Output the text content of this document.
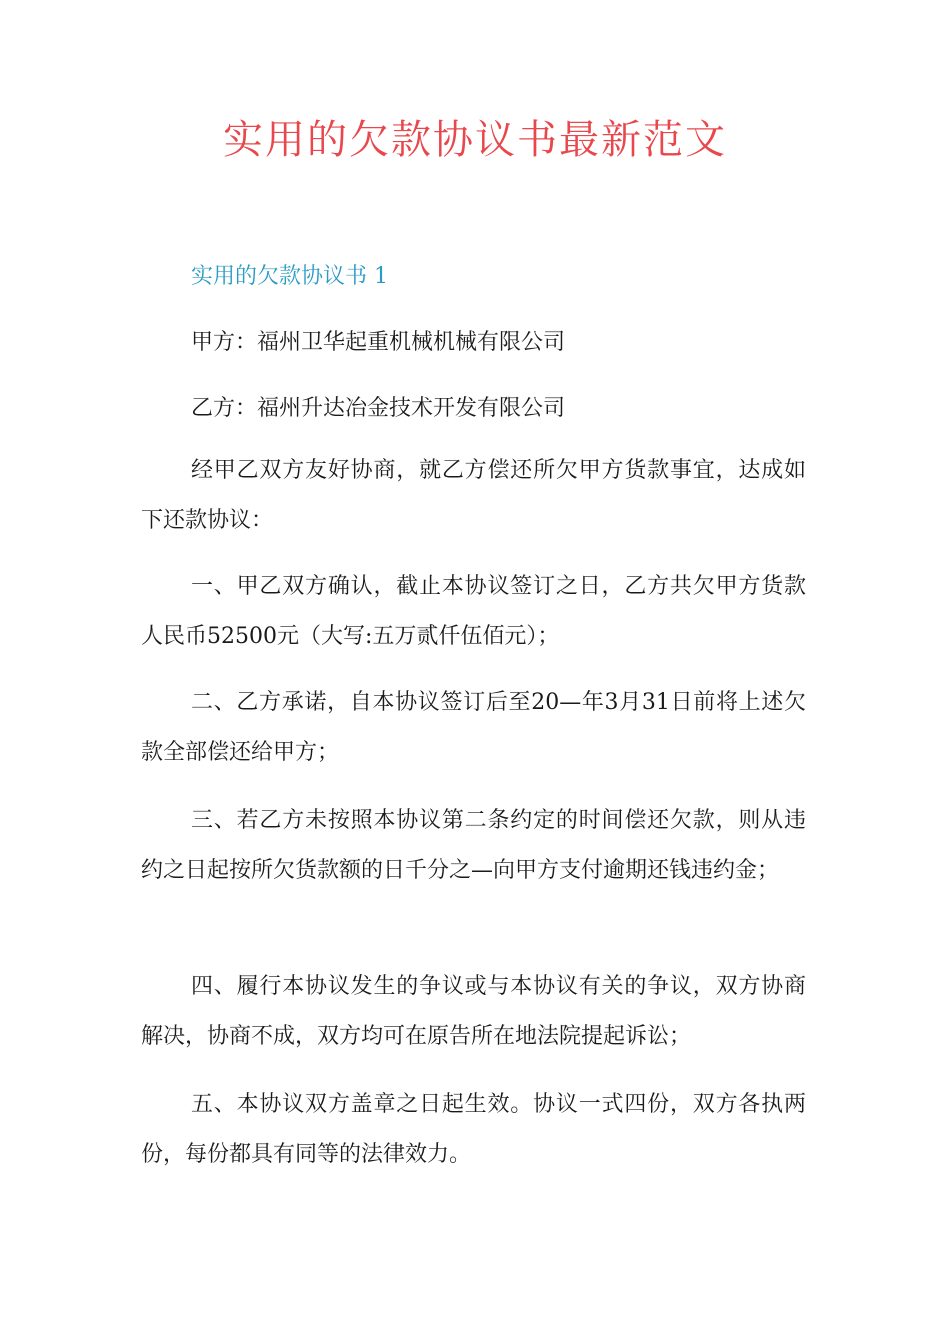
实用的欠款协议书最新范文
实用的欠款协议书 1

甲方：福州卫华起重机械机械有限公司

乙方：福州升达冶金技术开发有限公司

经甲乙双方友好协商，就乙方偿还所欠甲方货款事宜，达成如下还款协议：

一、甲乙双方确认，截止本协议签订之日，乙方共欠甲方货款人民币52500元（大写:五万贰仟伍佰元）；

二、乙方承诺，自本协议签订后至20—年3月31日前将上述欠款全部偿还给甲方；

三、若乙方未按照本协议第二条约定的时间偿还欠款，则从违约之日起按所欠货款额的日千分之—向甲方支付逾期还钱违约金；

四、履行本协议发生的争议或与本协议有关的争议，双方协商解决，协商不成，双方均可在原告所在地法院提起诉讼；

五、本协议双方盖章之日起生效。协议一式四份，双方各执两份，每份都具有同等的法律效力。
